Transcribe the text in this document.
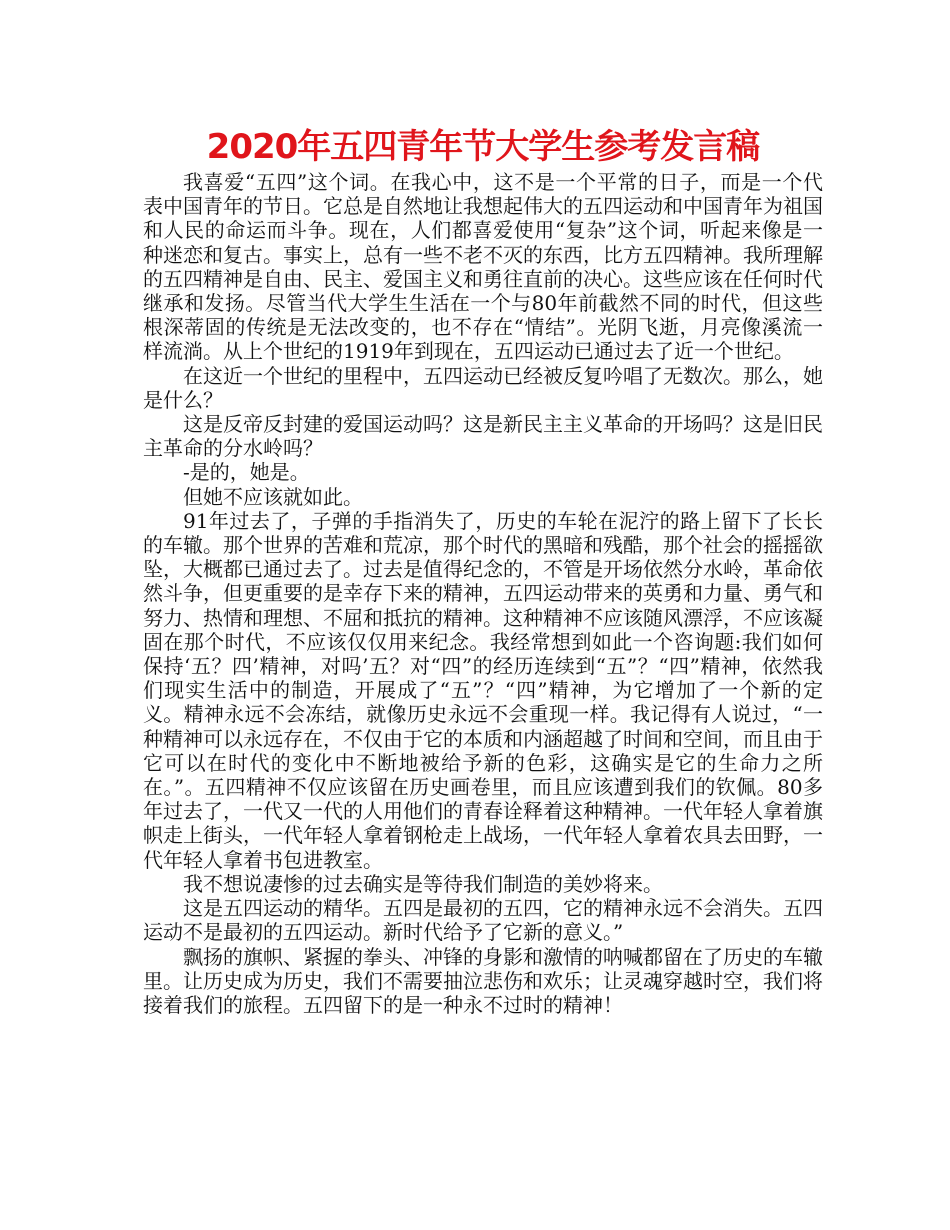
2020年五四青年节大学生参考发言稿

我喜爱“五四”这个词。在我心中，这不是一个平常的日子，而是一个代表中国青年的节日。它总是自然地让我想起伟大的五四运动和中国青年为祖国和人民的命运而斗争。现在，人们都喜爱使用“复杂”这个词，听起来像是一种迷恋和复古。事实上，总有一些不老不灭的东西，比方五四精神。我所理解的五四精神是自由、民主、爱国主义和勇往直前的决心。这些应该在任何时代继承和发扬。尽管当代大学生生活在一个与80年前截然不同的时代，但这些根深蒂固的传统是无法改变的，也不存在“情结”。光阴飞逝，月亮像溪流一样流淌。从上个世纪的1919年到现在，五四运动已通过去了近一个世纪。

在这近一个世纪的里程中，五四运动已经被反复吟唱了无数次。那么，她是什么？

这是反帝反封建的爱国运动吗？这是新民主主义革命的开场吗？这是旧民主革命的分水岭吗？

-是的，她是。

但她不应该就如此。

91年过去了，子弹的手指消失了，历史的车轮在泥泞的路上留下了长长的车辙。那个世界的苦难和荒凉，那个时代的黑暗和残酷，那个社会的摇摇欲坠，大概都已通过去了。过去是值得纪念的，不管是开场依然分水岭，革命依然斗争，但更重要的是幸存下来的精神，五四运动带来的英勇和力量、勇气和努力、热情和理想、不屈和抵抗的精神。这种精神不应该随风漂浮，不应该凝固在那个时代，不应该仅仅用来纪念。我经常想到如此一个咨询题:我们如何保持‘五？四’精神，对吗’五？对“四”的经历连续到“五”？“四”精神，依然我们现实生活中的制造，开展成了“五”？“四”精神，为它增加了一个新的定义。精神永远不会冻结，就像历史永远不会重现一样。我记得有人说过，“一种精神可以永远存在，不仅由于它的本质和内涵超越了时间和空间，而且由于它可以在时代的变化中不断地被给予新的色彩，这确实是它的生命力之所在。”。五四精神不仅应该留在历史画卷里，而且应该遭到我们的钦佩。80多年过去了，一代又一代的人用他们的青春诠释着这种精神。一代年轻人拿着旗帜走上街头，一代年轻人拿着钢枪走上战场，一代年轻人拿着农具去田野，一代年轻人拿着书包进教室。

我不想说凄惨的过去确实是等待我们制造的美妙将来。

这是五四运动的精华。五四是最初的五四，它的精神永远不会消失。五四运动不是最初的五四运动。新时代给予了它新的意义。”

飘扬的旗帜、紧握的拳头、冲锋的身影和激情的呐喊都留在了历史的车辙里。让历史成为历史，我们不需要抽泣悲伤和欢乐；让灵魂穿越时空，我们将接着我们的旅程。五四留下的是一种永不过时的精神！
